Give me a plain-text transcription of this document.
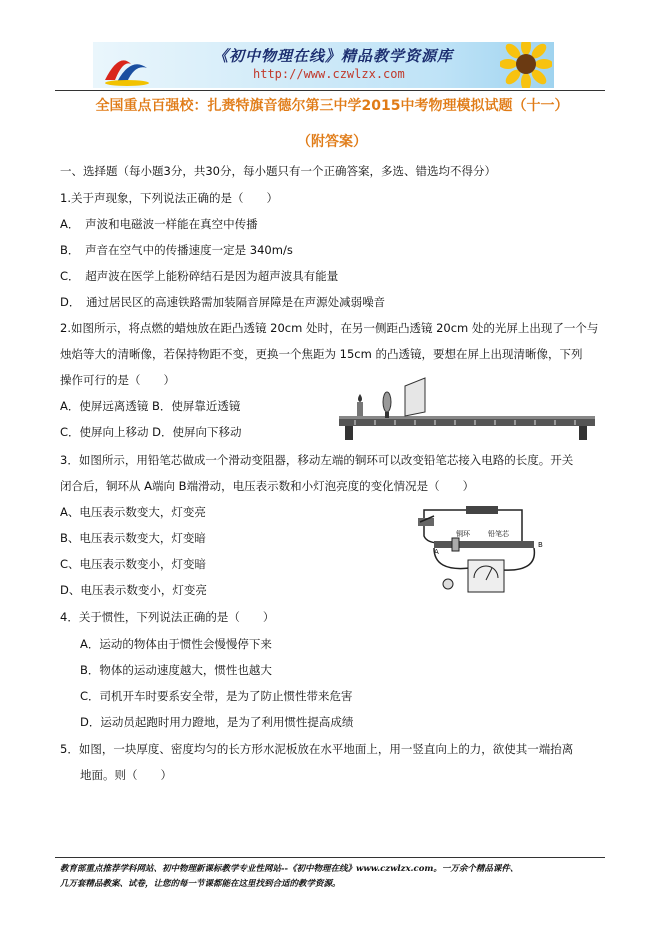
《初中物理在线》精品教学资源库
http://www.czwlzx.com
全国重点百强校：扎赉特旗音德尔第三中学2015中考物理模拟试题（十一）
（附答案）
一、选择题（每小题3分，共30分，每小题只有一个正确答案，多选、错选均不得分）
1.关于声现象，下列说法正确的是（　　）
A．　声波和电磁波一样能在真空中传播
B．　声音在空气中的传播速度一定是 340m/s
C．　超声波在医学上能粉碎结石是因为超声波具有能量
D．　通过居民区的高速铁路需加装隔音屏障是在声源处减弱噪音
2.如图所示，将点燃的蜡烛放在距凸透镜 20cm 处时，在另一侧距凸透镜 20cm 处的光屏上出现了一个与
烛焰等大的清晰像，若保持物距不变，更换一个焦距为 15cm 的凸透镜，要想在屏上出现清晰像，下列
操作可行的是（　　）
A．使屏远离透镜 B．使屏靠近透镜
C．使屏向上移动 D．使屏向下移动
3．如图所示，用铅笔芯做成一个滑动变阻器，移动左端的铜环可以改变铅笔芯接入电路的长度。开关
闭合后，铜环从 A端向 B端滑动，电压表示数和小灯泡亮度的变化情况是（　　）
A、电压表示数变大，灯变亮
B、电压表示数变大，灯变暗
C、电压表示数变小，灯变暗
D、电压表示数变小，灯变亮
A
铜环	铅笔芯
B
4．关于惯性，下列说法正确的是（　　）
A．运动的物体由于惯性会慢慢停下来
B．物体的运动速度越大，惯性也越大
C．司机开车时要系安全带，是为了防止惯性带来危害
D．运动员起跑时用力蹬地，是为了利用惯性提高成绩
5．如图，一块厚度、密度均匀的长方形水泥板放在水平地面上，用一竖直向上的力，欲使其一端抬离
地面。则（　　）
教育部重点推荐学科网站、初中物理新课标教学专业性网站--《初中物理在线》www.czwlzx.com。一万余个精品课件、
几万套精品教案、试卷，让您的每一节课都能在这里找到合适的教学资源。
